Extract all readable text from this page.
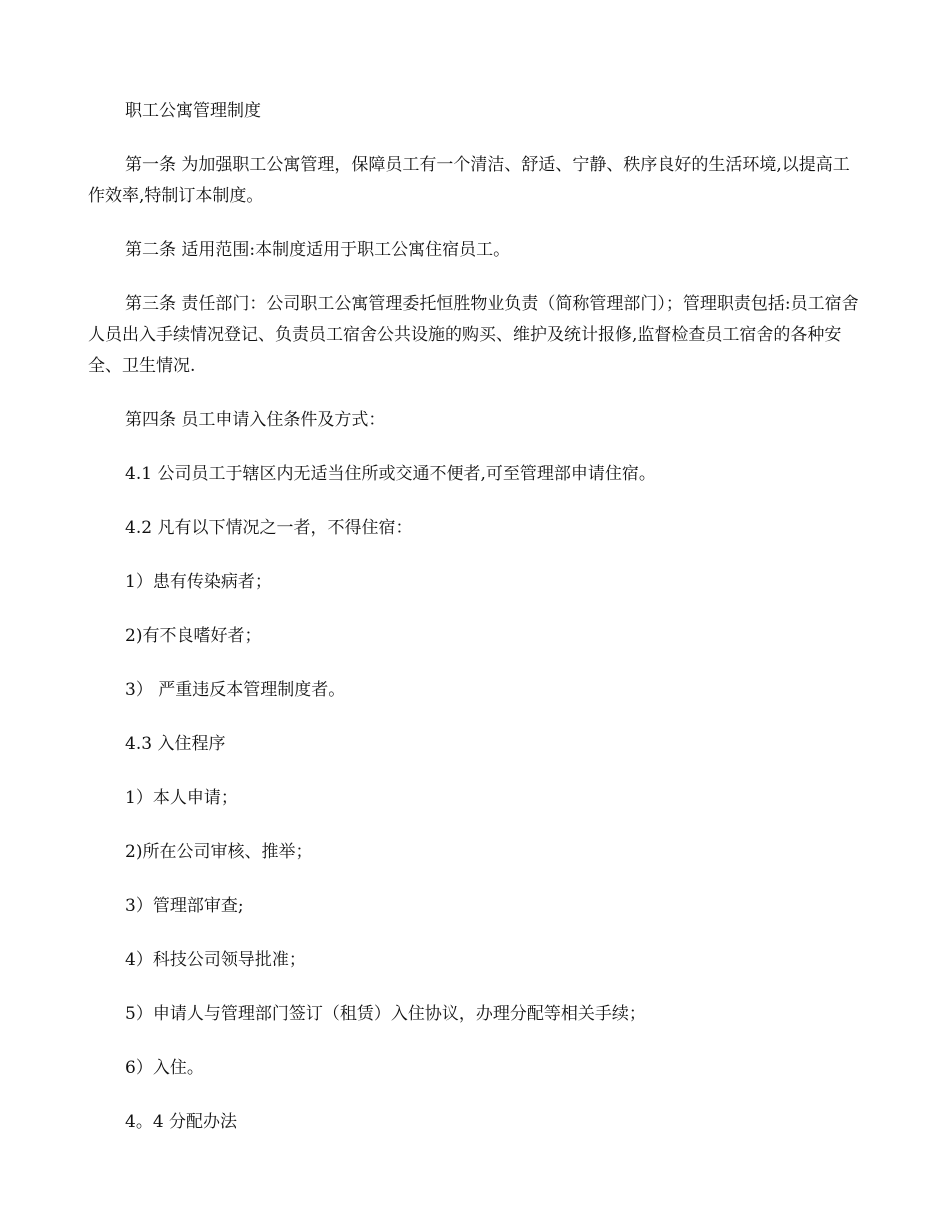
职工公寓管理制度

第一条 为加强职工公寓管理，保障员工有一个清洁、舒适、宁静、秩序良好的生活环境,以提高工作效率,特制订本制度。

第二条 适用范围:本制度适用于职工公寓住宿员工。

第三条 责任部门：公司职工公寓管理委托恒胜物业负责（简称管理部门）；管理职责包括:员工宿舍人员出入手续情况登记、负责员工宿舍公共设施的购买、维护及统计报修,监督检查员工宿舍的各种安全、卫生情况.

第四条 员工申请入住条件及方式：

4.1 公司员工于辖区内无适当住所或交通不便者,可至管理部申请住宿。

4.2 凡有以下情况之一者，不得住宿：

1）患有传染病者；

2)有不良嗜好者；

3） 严重违反本管理制度者。

4.3 入住程序

1）本人申请；

2)所在公司审核、推举；

3）管理部审查;

4）科技公司领导批准；

5）申请人与管理部门签订（租赁）入住协议，办理分配等相关手续；

6）入住。

4。4 分配办法
